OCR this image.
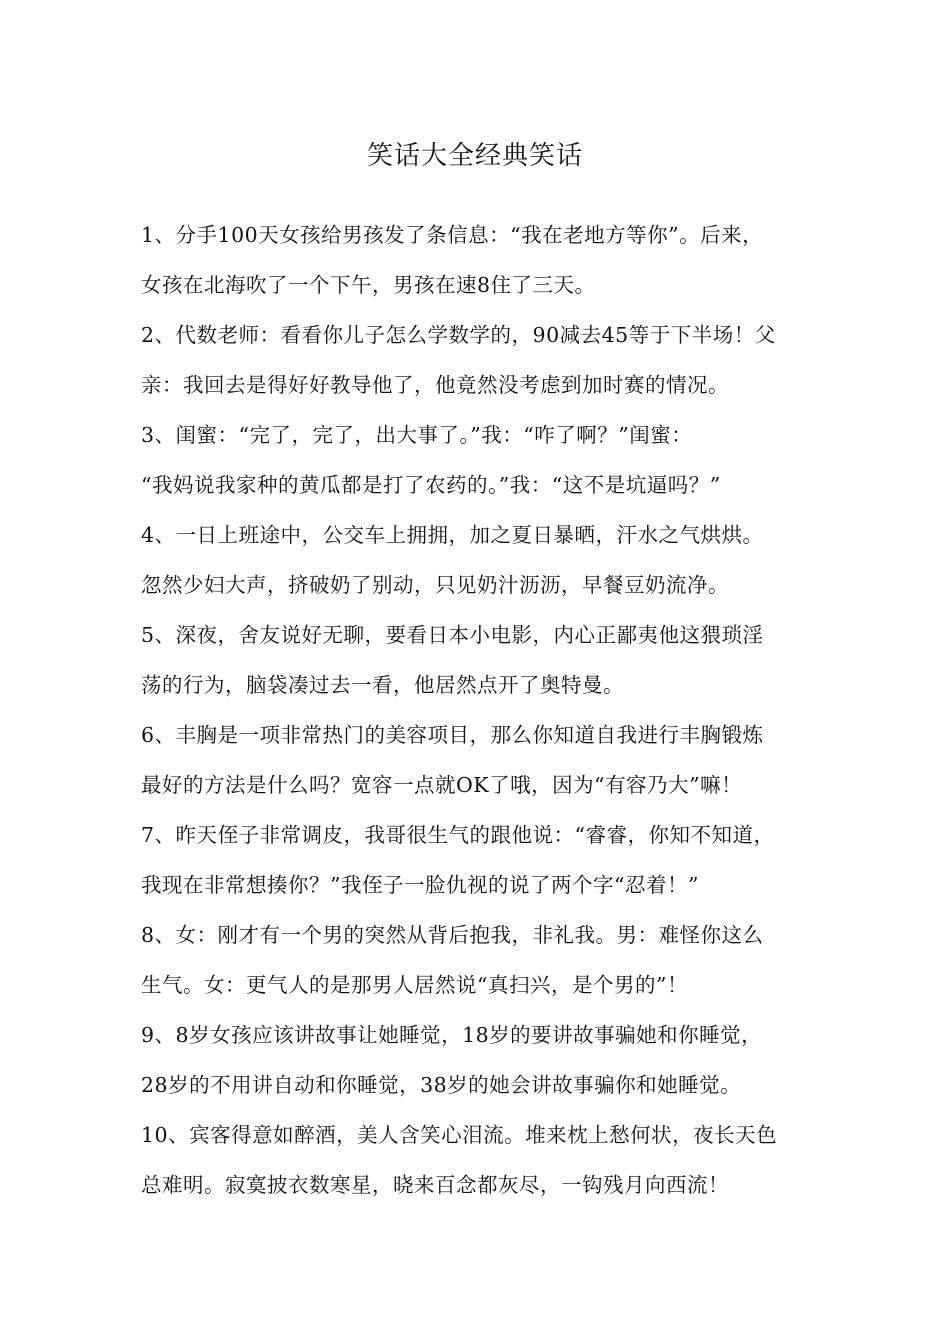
笑话大全经典笑话
1、分手100天女孩给男孩发了条信息：“我在老地方等你”。后来，
女孩在北海吹了一个下午，男孩在速8住了三天。
2、代数老师：看看你儿子怎么学数学的，90减去45等于下半场！父
亲：我回去是得好好教导他了，他竟然没考虑到加时赛的情况。
3、闺蜜：“完了，完了，出大事了。”我：“咋了啊？”闺蜜：
“我妈说我家种的黄瓜都是打了农药的。”我：“这不是坑逼吗？”
4、一日上班途中，公交车上拥拥，加之夏日暴晒，汗水之气烘烘。
忽然少妇大声，挤破奶了别动，只见奶汁沥沥，早餐豆奶流净。
5、深夜，舍友说好无聊，要看日本小电影，内心正鄙夷他这猥琐淫
荡的行为，脑袋凑过去一看，他居然点开了奥特曼。
6、丰胸是一项非常热门的美容项目，那么你知道自我进行丰胸锻炼
最好的方法是什么吗？宽容一点就OK了哦，因为“有容乃大”嘛！
7、昨天侄子非常调皮，我哥很生气的跟他说：“睿睿，你知不知道，
我现在非常想揍你？”我侄子一脸仇视的说了两个字“忍着！”
8、女：刚才有一个男的突然从背后抱我，非礼我。男：难怪你这么
生气。女：更气人的是那男人居然说“真扫兴，是个男的”！
9、8岁女孩应该讲故事让她睡觉，18岁的要讲故事骗她和你睡觉，
28岁的不用讲自动和你睡觉，38岁的她会讲故事骗你和她睡觉。
10、宾客得意如醉酒，美人含笑心泪流。堆来枕上愁何状，夜长天色
总难明。寂寞披衣数寒星，晓来百念都灰尽，一钩残月向西流！
